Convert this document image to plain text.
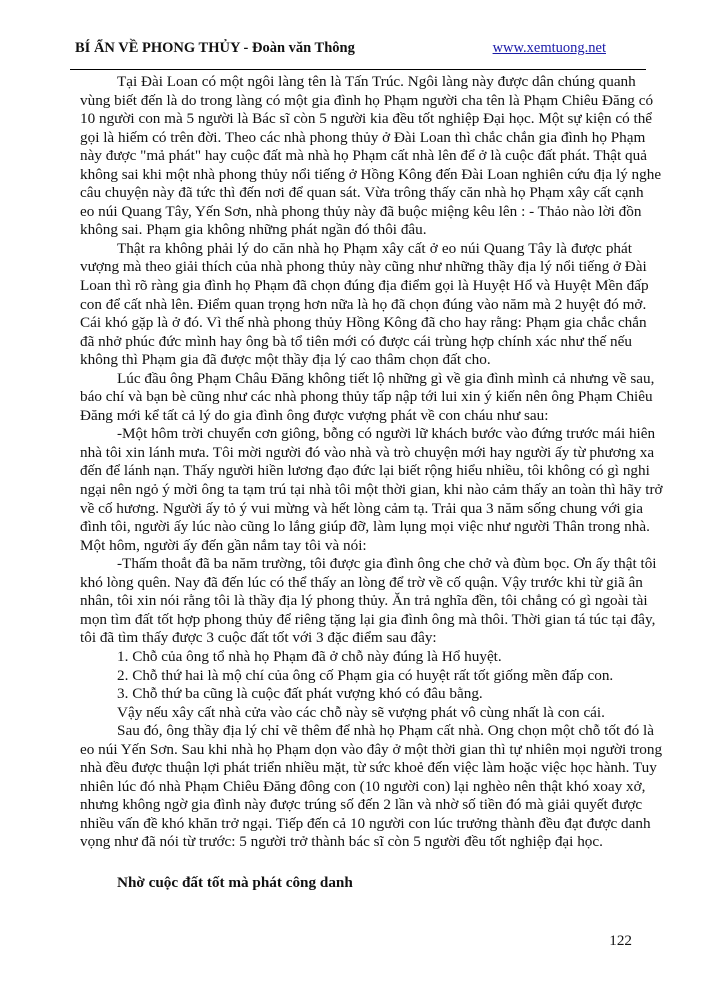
BÍ ẨN VỀ PHONG THỦY - Đoàn văn Thông	www.xemtuong.net
Tại Đài Loan có một ngôi làng tên là Tấn Trúc. Ngôi làng này được dân chúng quanh
vùng biết đến là do trong làng có một gia đình họ Phạm người cha tên là Phạm Chiêu Đăng có
10 người con mà 5 người là Bác sĩ còn 5 người kia đều tốt nghiệp Đại học. Một sự kiện có thể
gọi là hiếm có trên đời. Theo các nhà phong thủy ở Đài Loan thì chắc chắn gia đình họ Phạm
này được "mả phát" hay cuộc đất mà nhà họ Phạm cất nhà lên để ở là cuộc đất phát. Thật quả
không sai khi một nhà phong thủy nổi tiếng ở Hồng Kông đến Đài Loan nghiên cứu địa lý nghe
câu chuyện này đã tức thì đến nơi để quan sát. Vừa trông thấy căn nhà họ Phạm xây cất cạnh
eo núi Quang Tây, Yến Sơn, nhà phong thủy này đã buộc miệng kêu lên : - Thảo nào lời đồn
không sai. Phạm gia không những phát ngần đó thôi đâu.
Thật ra không phải lý do căn nhà họ Phạm xây cất ở eo núi Quang Tây là được phát
vượng mà theo giải thích của nhà phong thủy này cũng như những thầy địa lý nổi tiếng ở Đài
Loan thì rõ ràng gia đình họ Phạm đã chọn đúng địa điểm gọi là Huyệt Hổ và Huyệt Mền đấp
con để cất nhà lên. Điểm quan trọng hơn nữa là họ đã chọn đúng vào năm mà 2 huyệt đó mở.
Cái khó gặp là ở đó. Vì thế nhà phong thủy Hồng Kông đã cho hay rằng: Phạm gia chắc chắn
đã nhở phúc đức mình hay ông bà tổ tiên mới có được cái trùng hợp chính xác như thế nếu
không thì Phạm gia đã được một thầy địa lý cao thâm chọn đất cho.
Lúc đầu ông Phạm Châu Đăng không tiết lộ những gì về gia đình mình cả nhưng về sau,
báo chí và bạn bè cũng như các nhà phong thủy tấp nập tới lui xin ý kiến nên ông Phạm Chiêu
Đăng mới kể tất cả lý do gia đình ông được vượng phát về con cháu như sau:
-Một hôm trời chuyển cơn giông, bỗng có người lữ khách bước vào đứng trước mái hiên
nhà tôi xin lánh mưa. Tôi mời người đó vào nhà và trò chuyện mới hay người ấy từ phương xa
đến để lánh nạn. Thấy người hiền lương đạo đức lại biết rộng hiểu nhiều, tôi không có gì nghi
ngại nên ngỏ ý mời ông ta tạm trú tại nhà tôi một thời gian, khi nào cảm thấy an toàn thì hãy trở
về cố hương. Người ấy tỏ ý vui mừng và hết lòng cảm tạ. Trải qua 3 năm sống chung với gia
đình tôi, người ấy lúc nào cũng lo lắng giúp đỡ, làm lụng mọi việc như người Thân trong nhà.
Một hôm, người ấy đến gần nắm tay tôi và nói:
-Thấm thoắt đã ba năm trường, tôi được gia đình ông che chở và đùm bọc. Ơn ấy thật tôi
khó lòng quên. Nay đã đến lúc có thể thấy an lòng để trờ về cố quận. Vậy trước khi từ giã ân
nhân, tôi xin nói rằng tôi là thầy địa lý phong thủy. Ăn trả nghĩa đền, tôi chẳng có gì ngoài tài
mọn tìm đất tốt hợp phong thủy để riêng tặng lại gia đình ông mà thôi. Thời gian tá túc tại đây,
tôi đã tìm thấy được 3 cuộc đất tốt với 3 đặc điểm sau đây:
1. Chỗ của ông tổ nhà họ Phạm đã ở chỗ này đúng là Hổ huyệt.
2. Chỗ thứ hai là mộ chí của ông cố Phạm gia có huyệt rất tốt giống mền đấp con.
3. Chỗ thứ ba cũng là cuộc đất phát vượng khó có đâu bằng.
Vậy nếu xây cất nhà cửa vào các chỗ này sẽ vượng phát vô cùng nhất là con cái.
Sau đó, ông thầy địa lý chỉ vẽ thêm để nhà họ Phạm cất nhà. Ong chọn một chỗ tốt đó là
eo núi Yến Sơn. Sau khi nhà họ Phạm dọn vào đây ở một thời gian thì tự nhiên mọi người trong
nhà đều được thuận lợi phát triển nhiều mặt, từ sức khoẻ đến việc làm hoặc việc học hành. Tuy
nhiên lúc đó nhà Phạm Chiêu Đăng đông con (10 người con) lại nghèo nên thật khó xoay xở,
nhưng không ngờ gia đình này được trúng số đến 2 lần và nhờ số tiền đó mà giải quyết được
nhiều vấn đề khó khăn trở ngại. Tiếp đến cả 10 người con lúc trưởng thành đều đạt được danh
vọng như đã nói từ trước: 5 người trở thành bác sĩ còn 5 người đều tốt nghiệp đại học.
Nhờ cuộc đất tốt mà phát công danh
122
